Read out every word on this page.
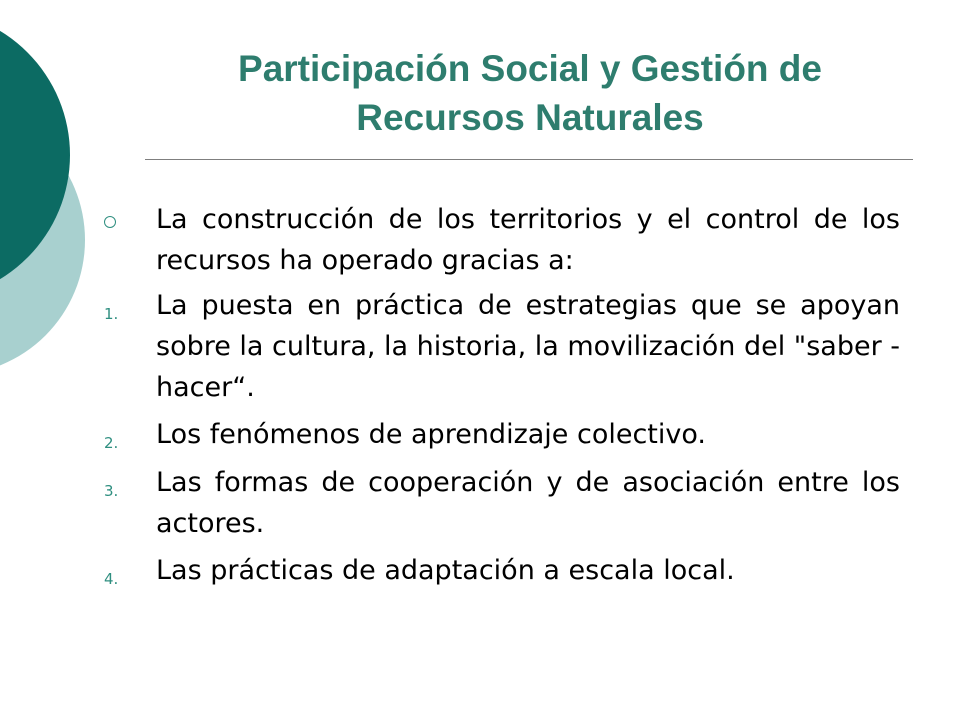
Participación Social y Gestión de
Recursos Naturales

La construcción de los territorios y el control de los recursos ha operado gracias a:

1. La puesta en práctica de estrategias que se apoyan sobre la cultura, la historia, la movilización del "saber - hacer“.

2. Los fenómenos de aprendizaje colectivo.

3. Las formas de cooperación y de asociación entre los actores.

4. Las prácticas de adaptación a escala local.
